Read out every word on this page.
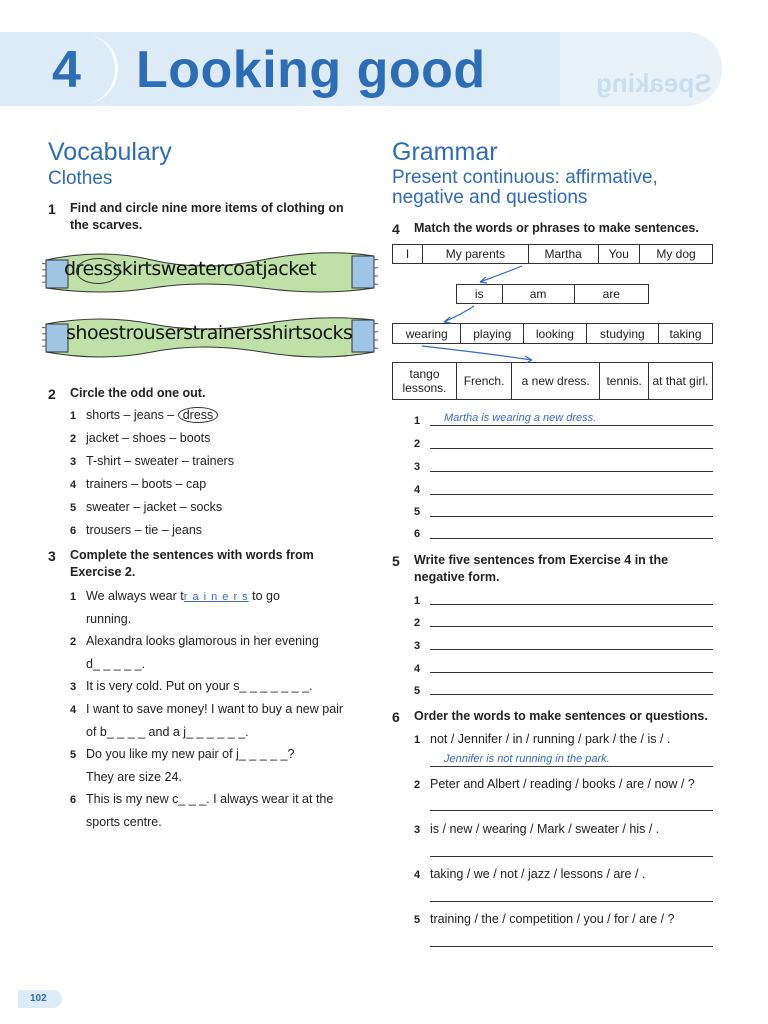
4 Looking good	Speaking
Vocabulary
Clothes
1 Find and circle nine more items of clothing on the scarves.
dressskirtsweatercoatjacket
shoestrouserstrainersshirtsocks
2 Circle the odd one out.
1 shorts – jeans – dress
2 jacket – shoes – boots
3 T-shirt – sweater – trainers
4 trainers – boots – cap
5 sweater – jacket – socks
6 trousers – tie – jeans
3 Complete the sentences with words from Exercise 2.
1 We always wear tr a i n e r s to go
running.
2 Alexandra looks glamorous in her evening
d_ _ _ _ _.
3 It is very cold. Put on your s_ _ _ _ _ _ _.
4 I want to save money! I want to buy a new pair
of b_ _ _ _ and a j_ _ _ _ _ _.
5 Do you like my new pair of j_ _ _ _ _?
They are size 24.
6 This is my new c_ _ _. I always wear it at the
sports centre.
Grammar
Present continuous: affirmative, negative and questions
4 Match the words or phrases to make sentences.
I	My parents	Martha	You	My dog
is	am	are
wearing	playing	looking	studying	taking
tango lessons.	French.	a new dress.	tennis.	at that girl.
1	Martha is wearing a new dress.
2
3
4
5
6
5 Write five sentences from Exercise 4 in the negative form.
1
2
3
4
5
6 Order the words to make sentences or questions.
1 not / Jennifer / in / running / park / the / is / .
Jennifer is not running in the park.
2 Peter and Albert / reading / books / are / now / ?
3 is / new / wearing / Mark / sweater / his / .
4 taking / we / not / jazz / lessons / are / .
5 training / the / competition / you / for / are / ?
102
